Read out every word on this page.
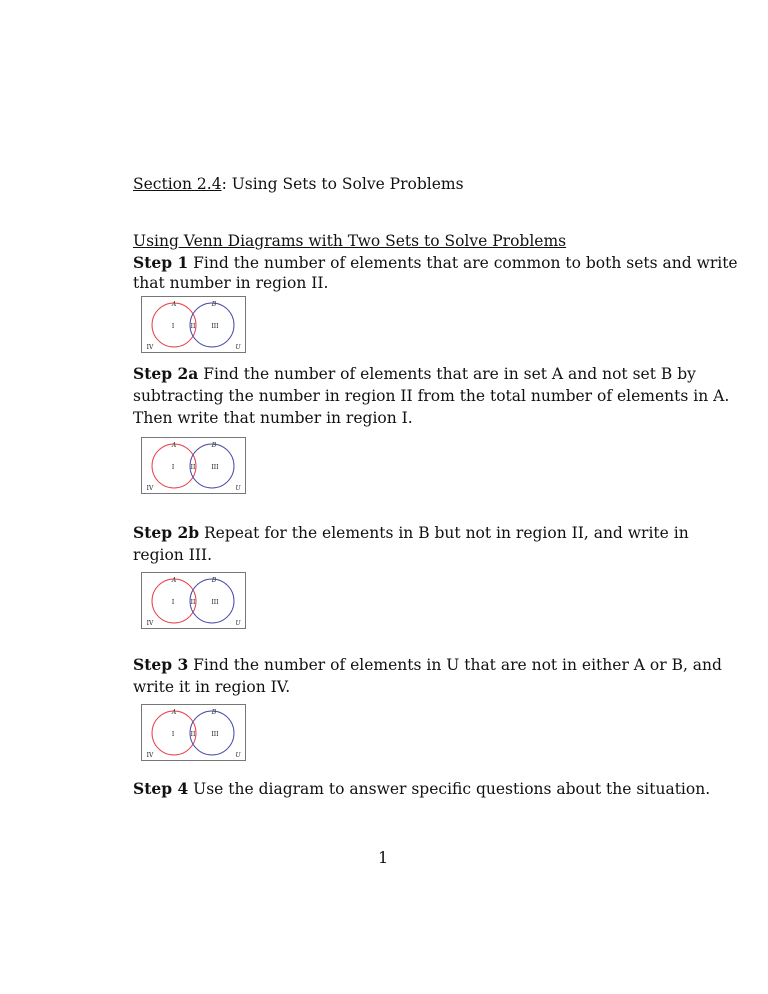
Section 2.4: Using Sets to Solve Problems
Using Venn Diagrams with Two Sets to Solve Problems
Step 1 Find the number of elements that are common to both sets and write
that number in region II.
A	B
I	II	III
IV	U
Step 2a Find the number of elements that are in set A and not set B by
subtracting the number in region II from the total number of elements in A.
Then write that number in region I.
A	B
I	II	III
IV	U
Step 2b Repeat for the elements in B but not in region II, and write in
region III.
A	B
I	II	III
IV	U
Step 3 Find the number of elements in U that are not in either A or B, and
write it in region IV.
A	B
I	II	III
IV	U
Step 4 Use the diagram to answer specific questions about the situation.
1
